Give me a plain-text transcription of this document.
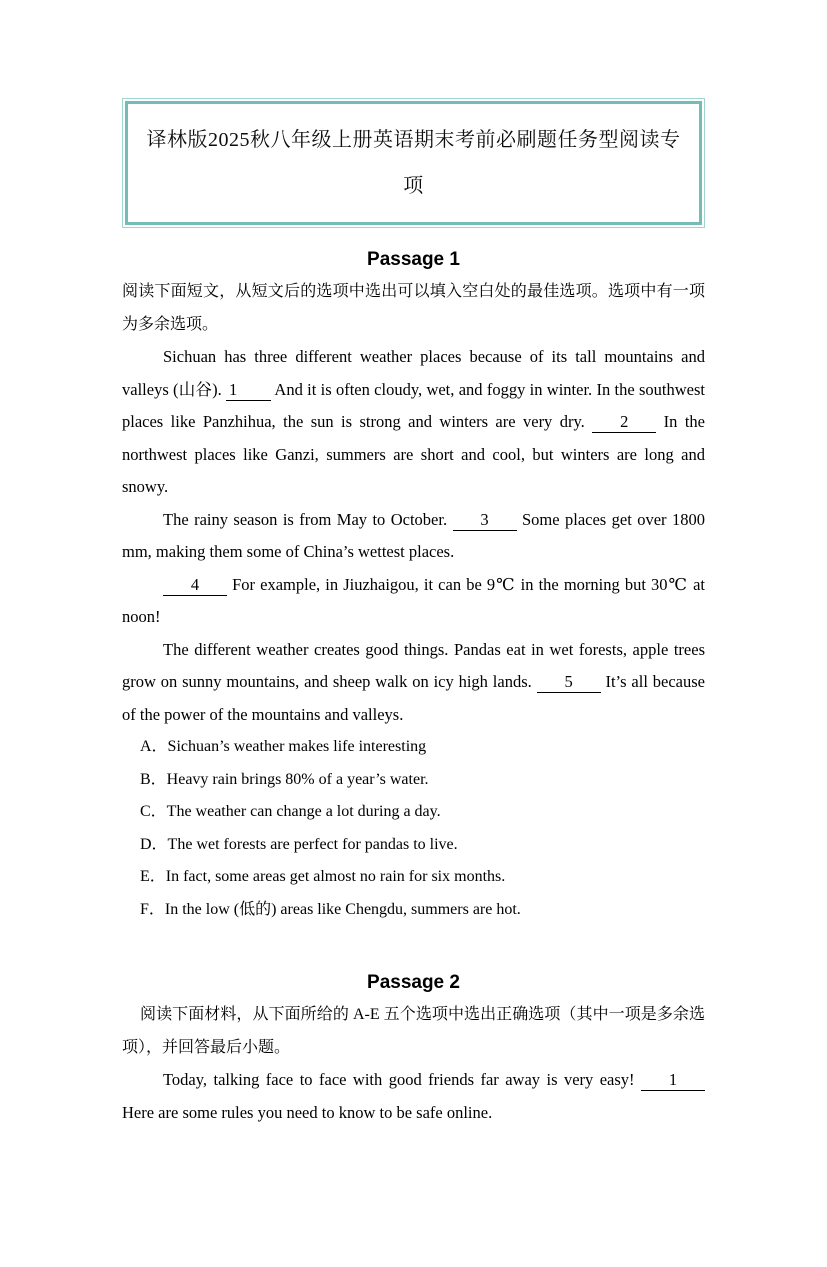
译林版2025秋八年级上册英语期末考前必刷题任务型阅读专
项
Passage 1

阅读下面短文，从短文后的选项中选出可以填入空白处的最佳选项。选项中有一项为多余选项。

Sichuan has three different weather places because of its tall mountains and valleys (山谷). 1 And it is often cloudy, wet, and foggy in winter. In the southwest places like Panzhihua, the sun is strong and winters are very dry. 2 In the northwest places like Ganzi, summers are short and cool, but winters are long and snowy.

The rainy season is from May to October. 3 Some places get over 1800 mm, making them some of China’s wettest places.

4 For example, in Jiuzhaigou, it can be 9℃ in the morning but 30℃ at noon!

The different weather creates good things. Pandas eat in wet forests, apple trees grow on sunny mountains, and sheep walk on icy high lands. 5 It’s all because of the power of the mountains and valleys.

A．Sichuan’s weather makes life interesting

B．Heavy rain brings 80% of a year’s water.

C．The weather can change a lot during a day.

D．The wet forests are perfect for pandas to live.

E．In fact, some areas get almost no rain for six months.

F．In the low (低的) areas like Chengdu, summers are hot.

Passage 2

阅读下面材料，从下面所给的 A-E 五个选项中选出正确选项（其中一项是多余选项），并回答最后小题。

Today, talking face to face with good friends far away is very easy! 1 Here are some rules you need to know to be safe online.
